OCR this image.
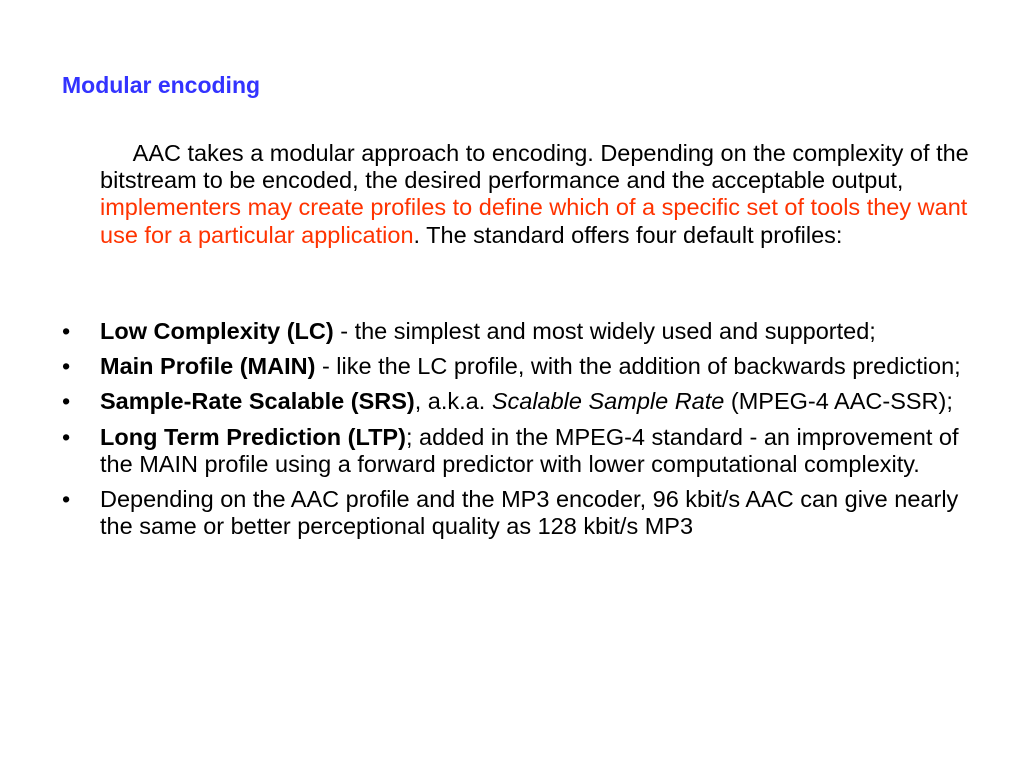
Modular encoding
AAC takes a modular approach to encoding. Depending on the complexity of the bitstream to be encoded, the desired performance and the acceptable output, implementers may create profiles to define which of a specific set of tools they want use for a particular application. The standard offers four default profiles:
• Low Complexity (LC) - the simplest and most widely used and supported;
• Main Profile (MAIN) - like the LC profile, with the addition of backwards prediction;
• Sample-Rate Scalable (SRS), a.k.a. Scalable Sample Rate (MPEG-4 AAC-SSR);
• Long Term Prediction (LTP); added in the MPEG-4 standard - an improvement of the MAIN profile using a forward predictor with lower computational complexity.
• Depending on the AAC profile and the MP3 encoder, 96 kbit/s AAC can give nearly the same or better perceptional quality as 128 kbit/s MP3
